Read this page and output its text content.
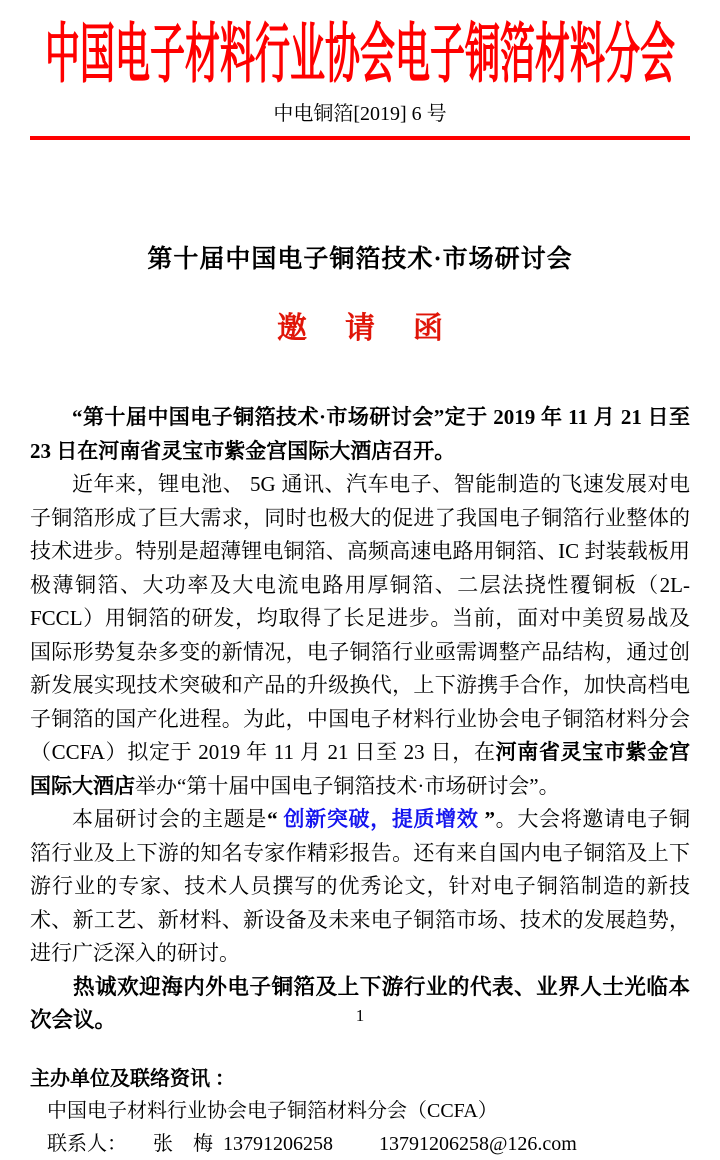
中国电子材料行业协会电子铜箔材料分会
中电铜箔[2019] 6 号
第十届中国电子铜箔技术·市场研讨会
邀请函

“第十届中国电子铜箔技术·市场研讨会”定于 2019 年 11 月 21 日至 23 日在河南省灵宝市紫金宫国际大酒店召开。

近年来，锂电池、 5G 通讯、汽车电子、智能制造的飞速发展对电子铜箔形成了巨大需求，同时也极大的促进了我国电子铜箔行业整体的技术进步。特别是超薄锂电铜箔、高频高速电路用铜箔、IC 封装载板用极薄铜箔、大功率及大电流电路用厚铜箔、二层法挠性覆铜板（2L-FCCL）用铜箔的研发，均取得了长足进步。当前，面对中美贸易战及国际形势复杂多变的新情况，电子铜箔行业亟需调整产品结构，通过创新发展实现技术突破和产品的升级换代，上下游携手合作，加快高档电子铜箔的国产化进程。为此，中国电子材料行业协会电子铜箔材料分会（CCFA）拟定于 2019 年 11 月 21 日至 23 日，在河南省灵宝市紫金宫国际大酒店举办“第十届中国电子铜箔技术·市场研讨会”。

本届研讨会的主题是“ 创新突破，提质增效 ”。大会将邀请电子铜箔行业及上下游的知名专家作精彩报告。还有来自国内电子铜箔及上下游行业的专家、技术人员撰写的优秀论文，针对电子铜箔制造的新技术、新工艺、新材料、新设备及未来电子铜箔市场、技术的发展趋势，进行广泛深入的研讨。

热诚欢迎海内外电子铜箔及上下游行业的代表、业界人士光临本次会议。

主办单位及联络资讯 ：
中国电子材料行业协会电子铜箔材料分会（CCFA）
联系人： 张　梅 13791206258 13791206258@126.com
1
